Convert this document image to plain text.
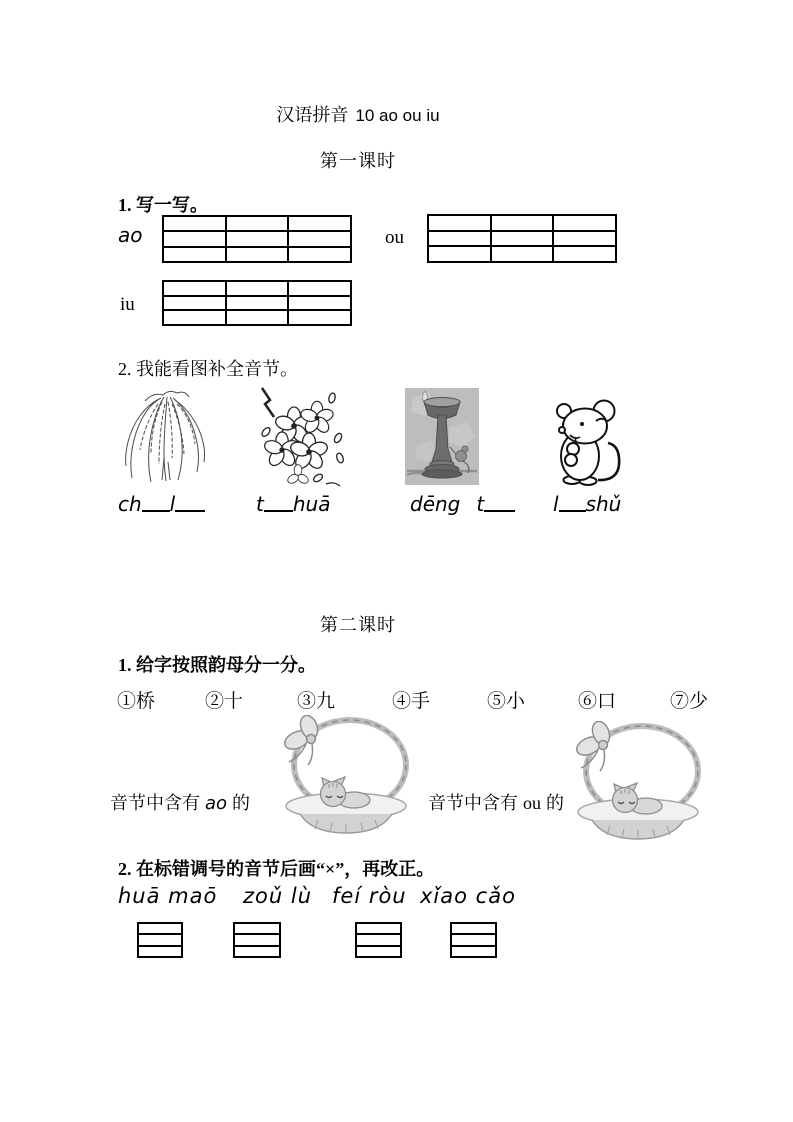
汉语拼音 10 ao ou iu
第一课时
1. 写一写。
ao	ou
iu
2. 我能看图补全音节。
ch l	t huā	dēng t	l shǔ
第二课时
1. 给字按照韵母分一分。
①桥	②十	③九	④手	⑤小	⑥口	⑦少
音节中含有 ao 的	音节中含有 ou 的
2. 在标错调号的音节后画“×”，再改正。
huā maō zoǔ lù feí ròu xǐao cǎo
